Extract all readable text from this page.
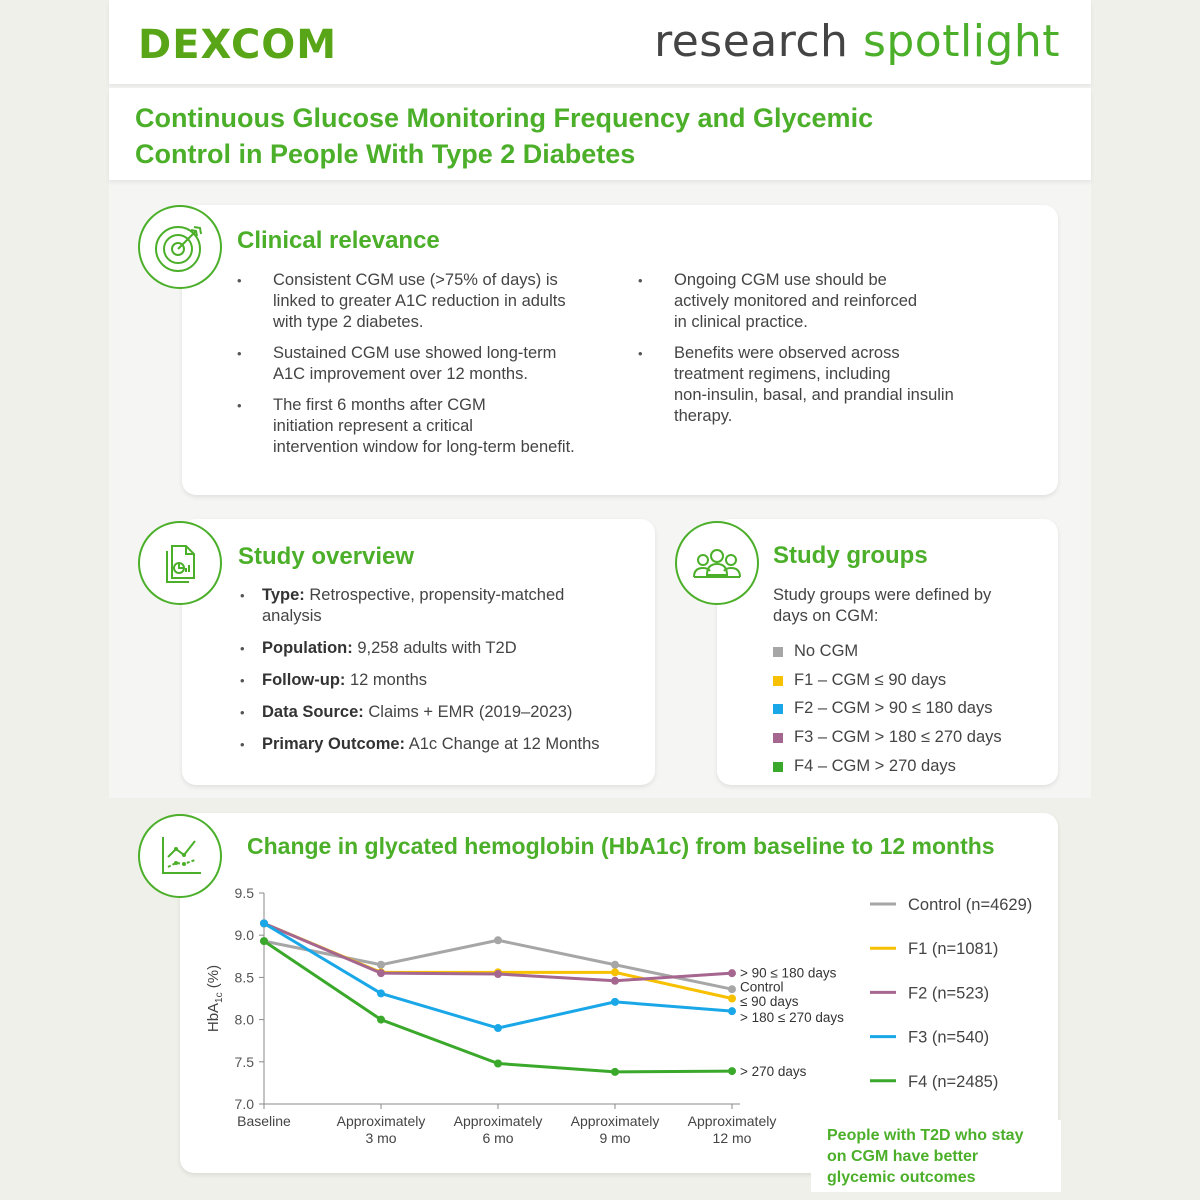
DEXCOM	research spotlight
Continuous Glucose Monitoring Frequency and Glycemic
Control in People With Type 2 Diabetes
Clinical relevance
• Consistent CGM use (>75% of days) is
linked to greater A1C reduction in adults
with type 2 diabetes.
• Sustained CGM use showed long-term
A1C improvement over 12 months.
• The first 6 months after CGM
initiation represent a critical
intervention window for long-term benefit.
• Ongoing CGM use should be
actively monitored and reinforced
in clinical practice.
• Benefits were observed across
treatment regimens, including
non-insulin, basal, and prandial insulin
therapy.
Study overview
• Type: Retrospective, propensity-matched
analysis
• Population: 9,258 adults with T2D
• Follow-up: 12 months
• Data Source: Claims + EMR (2019–2023)
• Primary Outcome: A1c Change at 12 Months
Study groups

Study groups were defined by
days on CGM:

No CGM
F1 – CGM ≤ 90 days
F2 – CGM > 90 ≤ 180 days
F3 – CGM > 180 ≤ 270 days
F4 – CGM > 270 days
Change in glycated hemoglobin (HbA1c) from baseline to 12 months
7.0
7.5
8.0
8.5
9.0
9.5
HbA$_{1c}$ (%)
Baseline	Approximately
3 mo
Approximately
6 mo
Approximately
9 mo
Approximately
12 mo
> 90 ≤ 180 days
Control
≤ 90 days
> 180 ≤ 270 days
> 270 days
Control (n=4629)
F1 (n=1081)
F2 (n=523)
F3 (n=540)
F4 (n=2485)

People with T2D who stay
on CGM have better
glycemic outcomes
